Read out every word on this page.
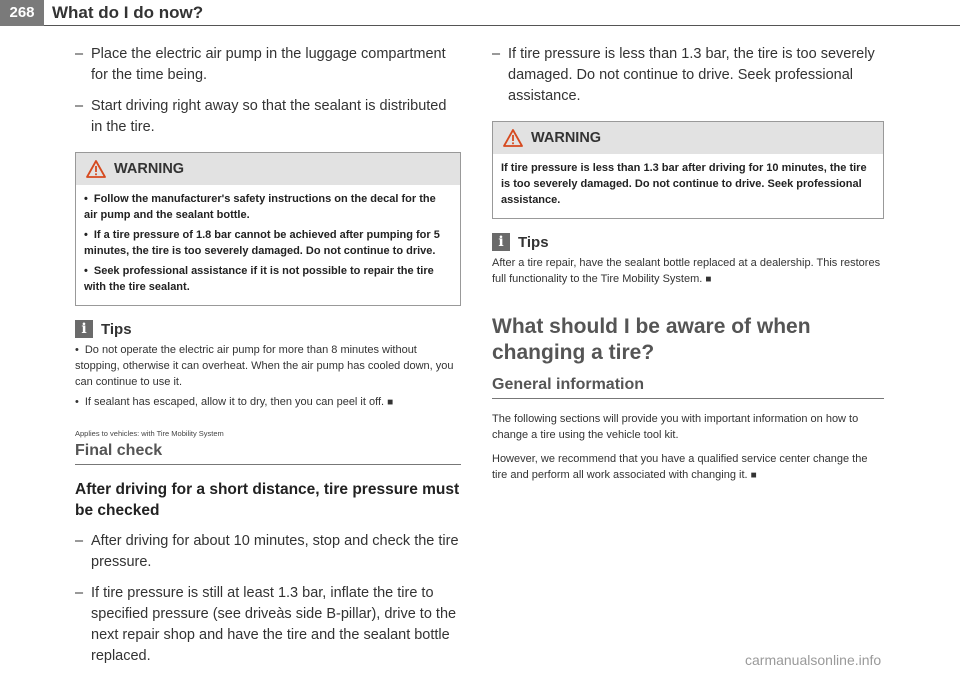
268	What do I do now?

– Place the electric air pump in the luggage compartment for the time being.

– Start driving right away so that the sealant is distributed in the tire.

WARNING

• Follow the manufacturer's safety instructions on the decal for the air pump and the sealant bottle.

• If a tire pressure of 1.8 bar cannot be achieved after pumping for 5 minutes, the tire is too severely damaged. Do not continue to drive.

• Seek professional assistance if it is not possible to repair the tire with the tire sealant.

i Tips

• Do not operate the electric air pump for more than 8 minutes without stopping, otherwise it can overheat. When the air pump has cooled down, you can continue to use it.

• If sealant has escaped, allow it to dry, then you can peel it off. ■

Applies to vehicles: with Tire Mobility System

Final check
After driving for a short distance, tire pressure must be checked

– After driving for about 10 minutes, stop and check the tire pressure.

– If tire pressure is still at least 1.3 bar, inflate the tire to specified pressure (see driveàs side B-pillar), drive to the next repair shop and have the tire and the sealant bottle replaced.

– If tire pressure is less than 1.3 bar, the tire is too severely damaged. Do not continue to drive. Seek professional assistance.

WARNING

If tire pressure is less than 1.3 bar after driving for 10 minutes, the tire is too severely damaged. Do not continue to drive. Seek professional assistance.

i Tips

After a tire repair, have the sealant bottle replaced at a dealership. This restores full functionality to the Tire Mobility System. ■

What should I be aware of when changing a tire?
General information

The following sections will provide you with important information on how to change a tire using the vehicle tool kit.

However, we recommend that you have a qualified service center change the tire and perform all work associated with changing it. ■

carmanualsonline.info
